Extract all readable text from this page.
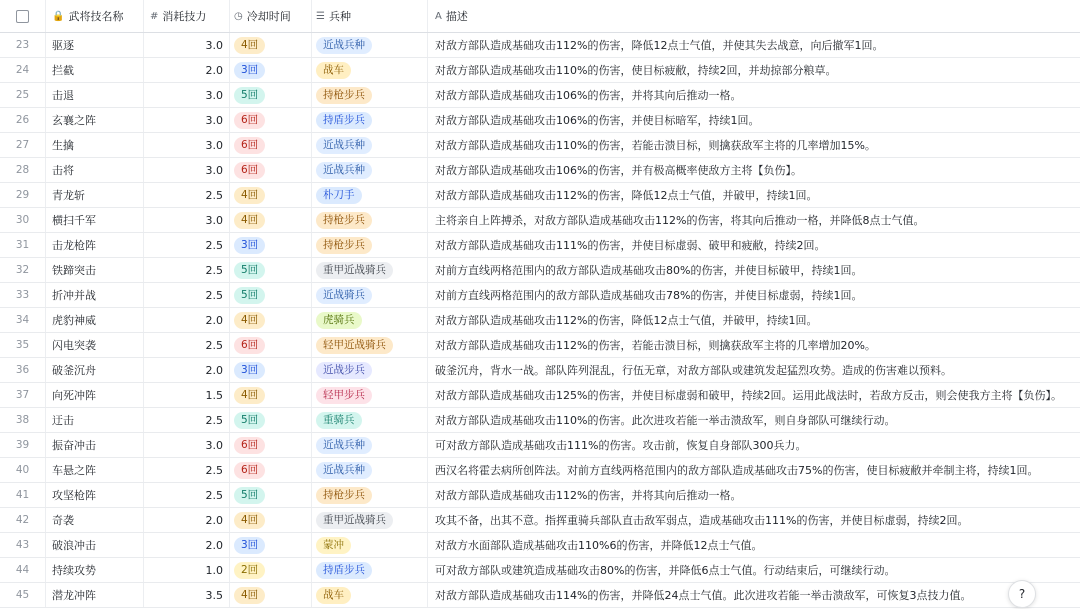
🔒 武将技名称	# 消耗技力	◷ 冷却时间	☰ 兵种	A 描述
23 驱逐	3.0	4回	近战兵种	对敌方部队造成基础攻击112%的伤害，降低12点士气值，并使其失去战意，向后撤军1回。
24 拦截	2.0	3回	战车	对敌方部队造成基础攻击110%的伤害，使目标疲敝，持续2回，并劫掠部分粮草。
25 击退	3.0	5回	持枪步兵	对敌方部队造成基础攻击106%的伤害，并将其向后推动一格。
26 玄襄之阵	3.0	6回	持盾步兵	对敌方部队造成基础攻击106%的伤害，并使目标暗军，持续1回。
27 生擒	3.0	6回	近战兵种	对敌方部队造成基础攻击110%的伤害，若能击溃目标，则擒获敌军主将的几率增加15%。
28 击将	3.0	6回	近战兵种	对敌方部队造成基础攻击106%的伤害，并有极高概率使敌方主将【负伤】。
29 青龙斩	2.5	4回	朴刀手	对敌方部队造成基础攻击112%的伤害，降低12点士气值，并破甲，持续1回。
30 横扫千军	3.0	4回	持枪步兵	主将亲自上阵搏杀，对敌方部队造成基础攻击112%的伤害，将其向后推动一格，并降低8点士气值。
31 击龙枪阵	2.5	3回	持枪步兵	对敌方部队造成基础攻击111%的伤害，并使目标虚弱、破甲和疲敝，持续2回。
32 铁蹄突击	2.5	5回	重甲近战骑兵	对前方直线两格范围内的敌方部队造成基础攻击80%的伤害，并使目标破甲，持续1回。
33 折冲并战	2.5	5回	近战骑兵	对前方直线两格范围内的敌方部队造成基础攻击78%的伤害，并使目标虚弱，持续1回。
34 虎豹神威	2.0	4回	虎骑兵	对敌方部队造成基础攻击112%的伤害，降低12点士气值，并破甲，持续1回。
35 闪电突袭	2.5	6回	轻甲近战骑兵	对敌方部队造成基础攻击112%的伤害，若能击溃目标，则擒获敌军主将的几率增加20%。
36 破釜沉舟	2.0	3回	近战步兵	破釜沉舟，背水一战。部队阵列混乱，行伍无章，对敌方部队或建筑发起猛烈攻势。造成的伤害难以预料。
37 向死冲阵	1.5	4回	轻甲步兵	对敌方部队造成基础攻击125%的伤害，并使目标虚弱和破甲，持续2回。运用此战法时，若敌方反击，则会使我方主将【负伤】。
38 迂击	2.5	5回	重骑兵	对敌方部队造成基础攻击110%的伤害。此次进攻若能一举击溃敌军，则自身部队可继续行动。
39 振奋冲击	3.0	6回	近战兵种	可对敌方部队造成基础攻击111%的伤害。攻击前，恢复自身部队300兵力。
40 车悬之阵	2.5	6回	近战兵种	西汉名将霍去病所创阵法。对前方直线两格范围内的敌方部队造成基础攻击75%的伤害，使目标疲敝并牵制主将，持续1回。
41 攻坚枪阵	2.5	5回	持枪步兵	对敌方部队造成基础攻击112%的伤害，并将其向后推动一格。
42 奇袭	2.0	4回	重甲近战骑兵	攻其不备，出其不意。指挥重骑兵部队直击敌军弱点，造成基础攻击111%的伤害，并使目标虚弱，持续2回。
43 破浪冲击	2.0	3回	蒙冲	对敌方水面部队造成基础攻击110%6的伤害，并降低12点士气值。
44 持续攻势	1.0	2回	持盾步兵	可对敌方部队或建筑造成基础攻击80%的伤害，并降低6点士气值。行动结束后，可继续行动。
45 潜龙冲阵	3.5	4回	战车	对敌方部队造成基础攻击114%的伤害，并降低24点士气值。此次进攻若能一举击溃敌军，可恢复3点技力值。	?
